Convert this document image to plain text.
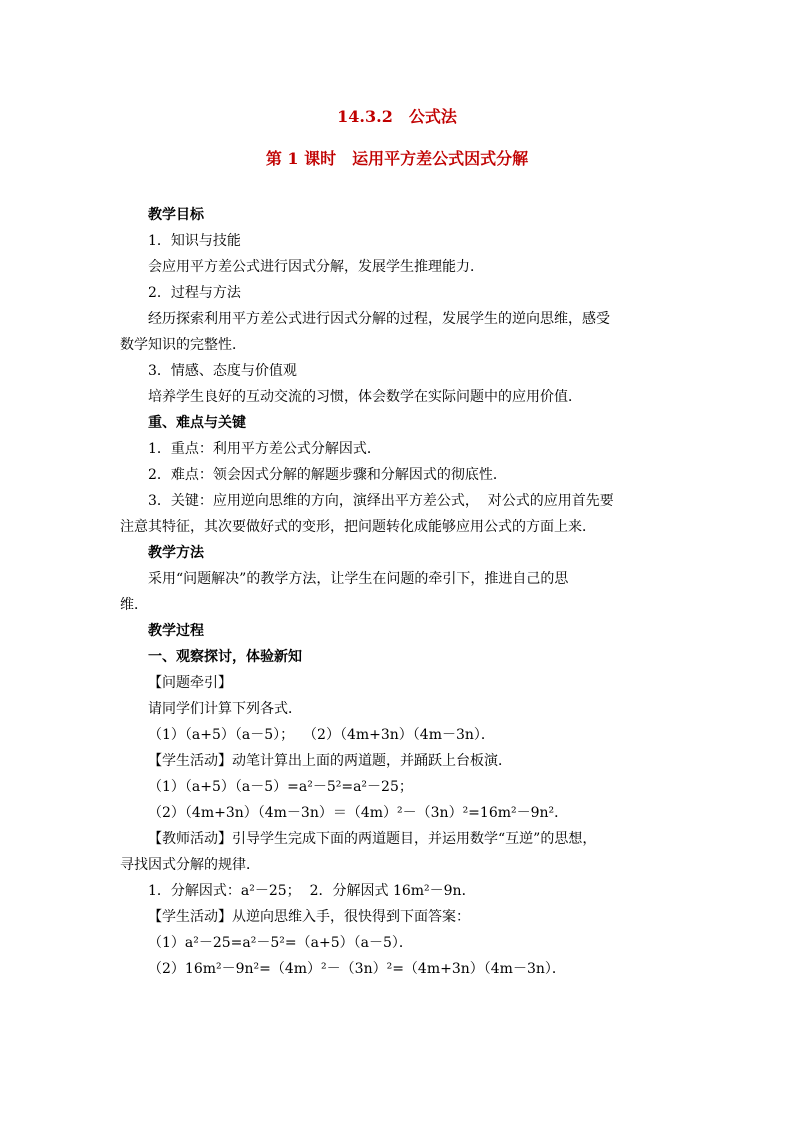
14.3.2　公式法
第 1 课时　运用平方差公式因式分解

教学目标

1．知识与技能

会应用平方差公式进行因式分解，发展学生推理能力．

2．过程与方法

经历探索利用平方差公式进行因式分解的过程，发展学生的逆向思维，感受

数学知识的完整性．

3．情感、态度与价值观

培养学生良好的互动交流的习惯，体会数学在实际问题中的应用价值．

重、难点与关键

1．重点：利用平方差公式分解因式．

2．难点：领会因式分解的解题步骤和分解因式的彻底性．

3．关键：应用逆向思维的方向，演绎出平方差公式，  对公式的应用首先要

注意其特征，其次要做好式的变形，把问题转化成能够应用公式的方面上来．

教学方法

采用“问题解决”的教学方法，让学生在问题的牵引下，推进自己的思

维．

教学过程

一、观察探讨，体验新知

【问题牵引】

请同学们计算下列各式．

（1）（a+5）（a－5）；  （2）（4m+3n）（4m－3n）．

【学生活动】动笔计算出上面的两道题，并踊跃上台板演．

（1）（a+5）（a－5）=a²－5²=a²－25；

（2）（4m+3n）（4m－3n）＝（4m）²－（3n）²=16m²－9n²．

【教师活动】引导学生完成下面的两道题目，并运用数学“互逆”的思想，

寻找因式分解的规律．

1．分解因式：a²－25；  2．分解因式 16m²－9n．

【学生活动】从逆向思维入手，很快得到下面答案：

（1）a²－25=a²－5²=（a+5）（a－5）．

（2）16m²－9n²=（4m）²－（3n）²=（4m+3n）（4m－3n）．
